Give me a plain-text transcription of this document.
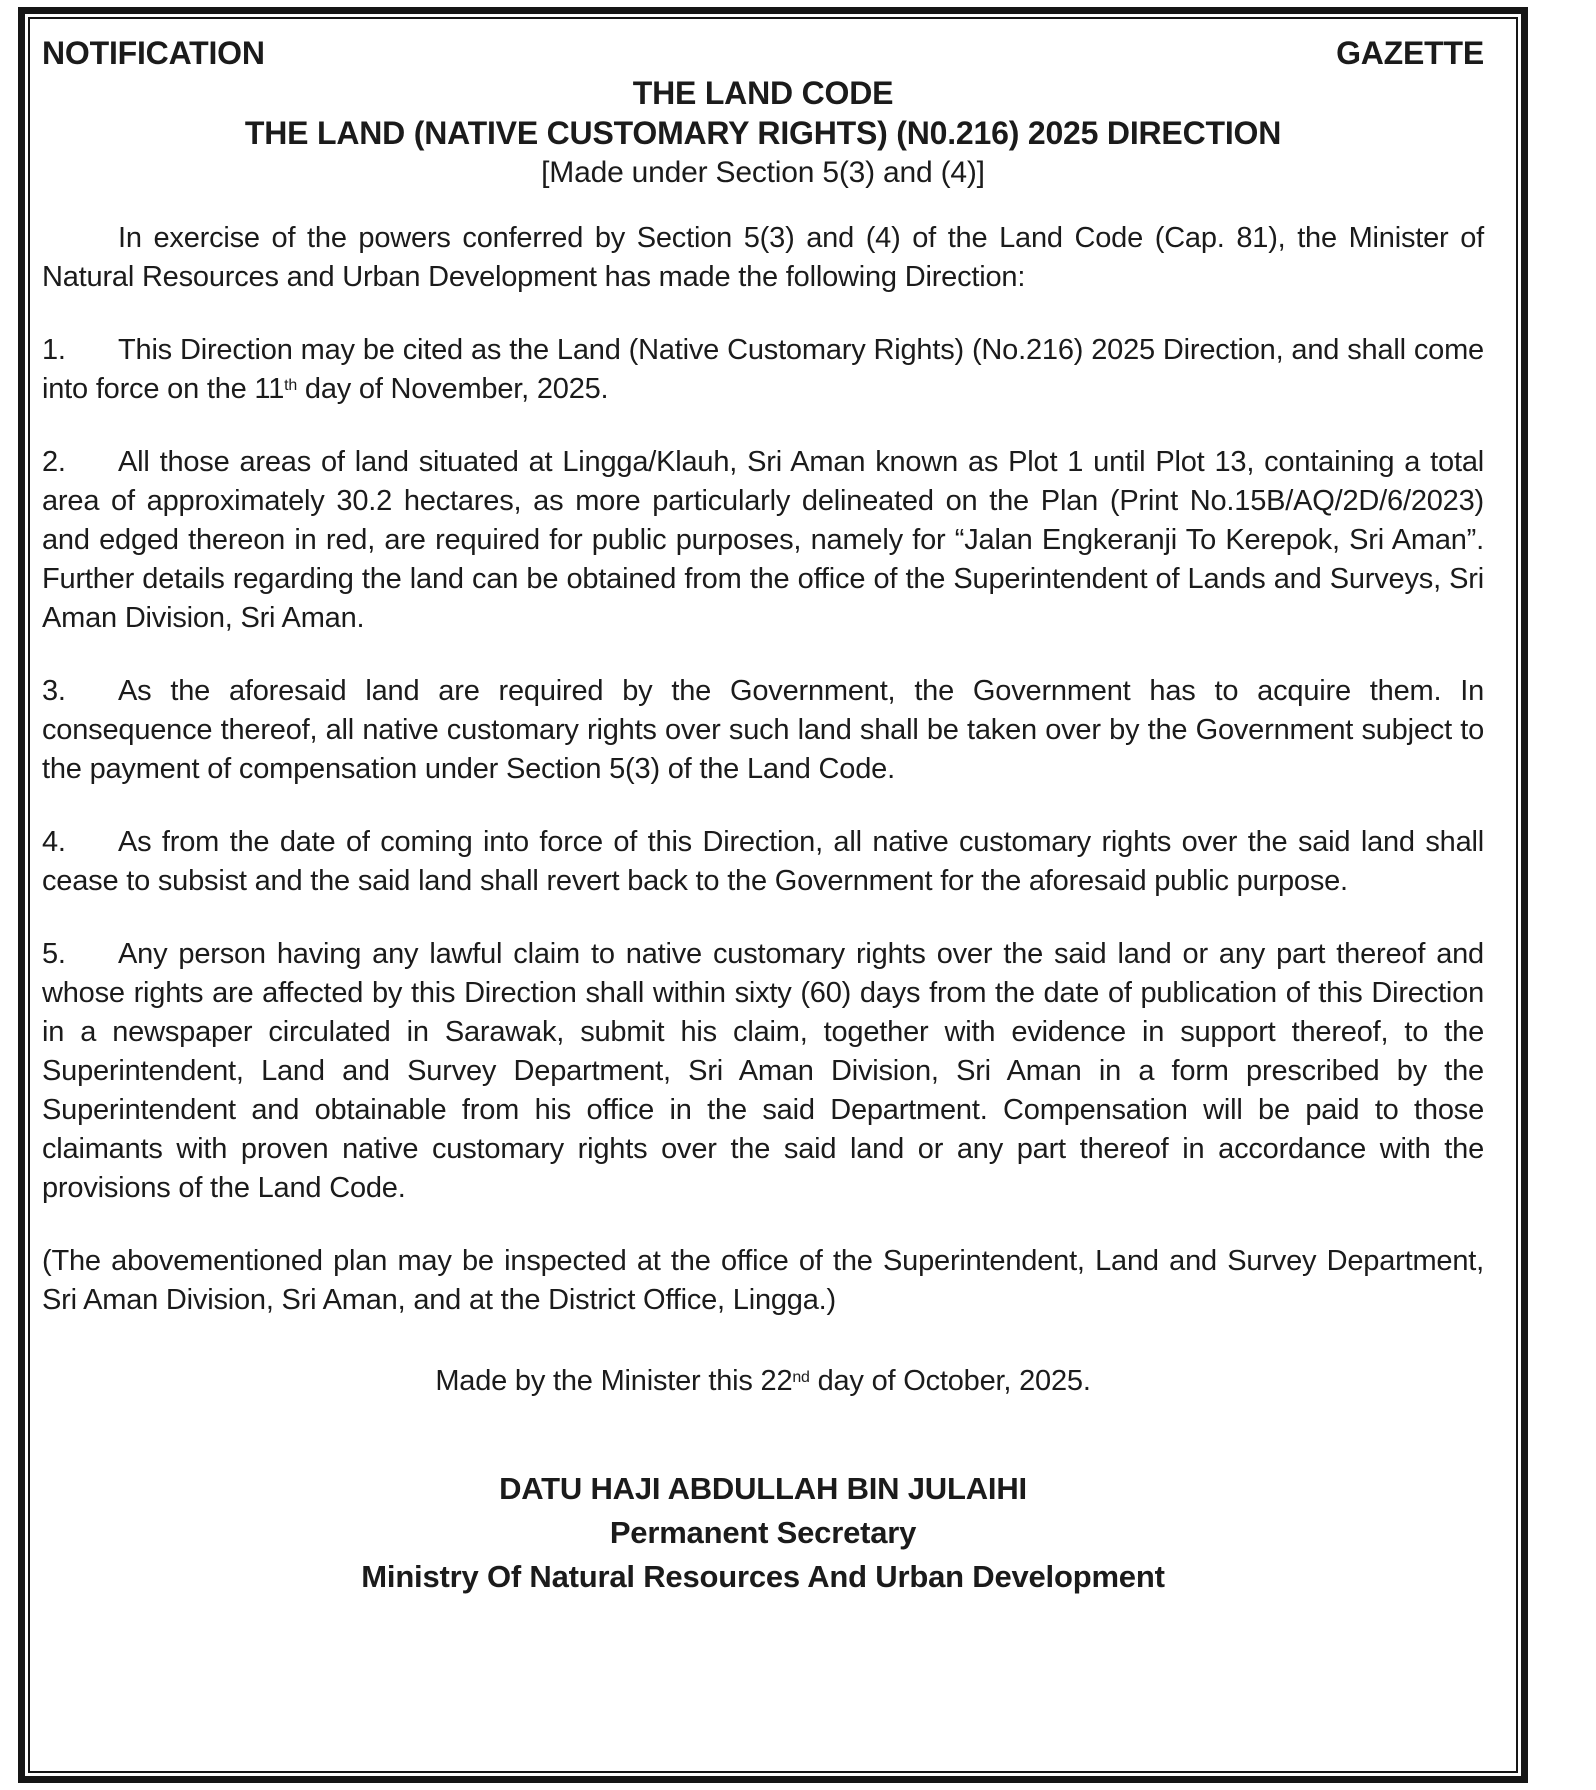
NOTIFICATION	GAZETTE
THE LAND CODE
THE LAND (NATIVE CUSTOMARY RIGHTS) (N0.216) 2025 DIRECTION
[Made under Section 5(3) and (4)]
In exercise of the powers conferred by Section 5(3) and (4) of the Land Code (Cap. 81), the Minister of Natural Resources and Urban Development has made the following Direction:
1. This Direction may be cited as the Land (Native Customary Rights) (No.216) 2025 Direction, and shall come into force on the 11th day of November, 2025.
2. All those areas of land situated at Lingga/Klauh, Sri Aman known as Plot 1 until Plot 13, containing a total area of approximately 30.2 hectares, as more particularly delineated on the Plan (Print No.15B/AQ/2D/6/2023) and edged thereon in red, are required for public purposes, namely for “Jalan Engkeranji To Kerepok, Sri Aman”. Further details regarding the land can be obtained from the office of the Superintendent of Lands and Surveys, Sri Aman Division, Sri Aman.
3. As the aforesaid land are required by the Government, the Government has to acquire them. In consequence thereof, all native customary rights over such land shall be taken over by the Government subject to the payment of compensation under Section 5(3) of the Land Code.
4. As from the date of coming into force of this Direction, all native customary rights over the said land shall cease to subsist and the said land shall revert back to the Government for the aforesaid public purpose.
5. Any person having any lawful claim to native customary rights over the said land or any part thereof and whose rights are affected by this Direction shall within sixty (60) days from the date of publication of this Direction in a newspaper circulated in Sarawak, submit his claim, together with evidence in support thereof, to the Superintendent, Land and Survey Department, Sri Aman Division, Sri Aman in a form prescribed by the Superintendent and obtainable from his office in the said Department. Compensation will be paid to those claimants with proven native customary rights over the said land or any part thereof in accordance with the provisions of the Land Code.
(The abovementioned plan may be inspected at the office of the Superintendent, Land and Survey Department, Sri Aman Division, Sri Aman, and at the District Office, Lingga.)
Made by the Minister this 22nd day of October, 2025.
DATU HAJI ABDULLAH BIN JULAIHI
Permanent Secretary
Ministry Of Natural Resources And Urban Development
